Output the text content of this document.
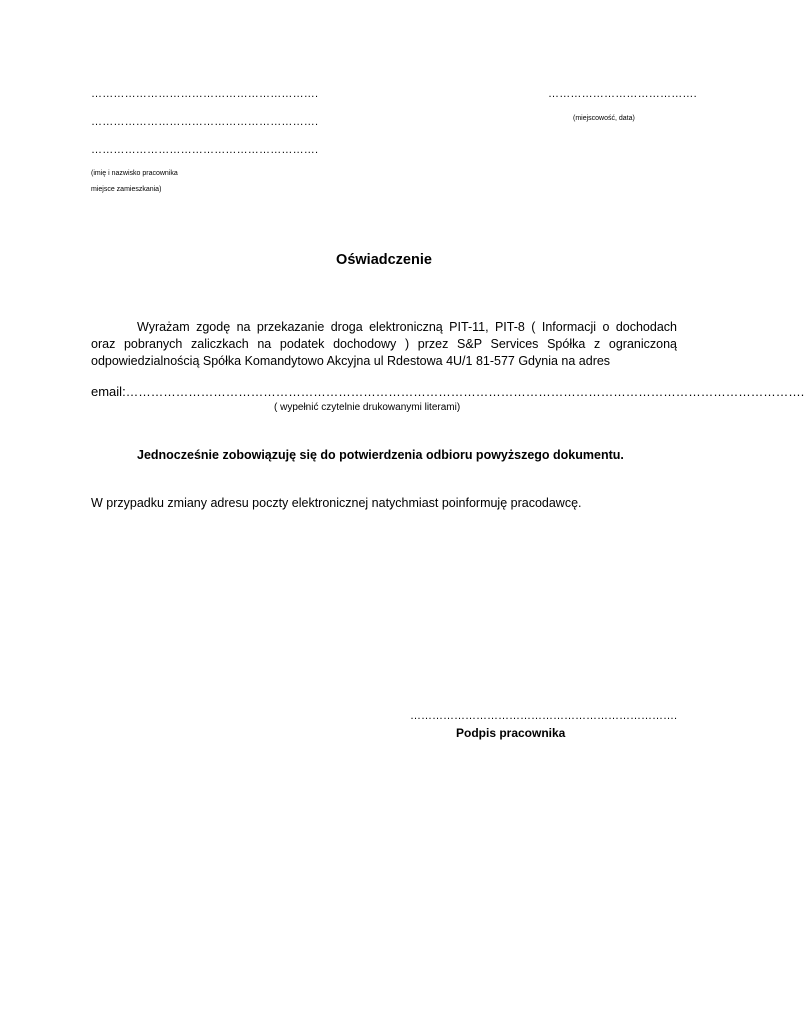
…………………………………………………….
…………………………………………………….
…………………………………………………….
(imię i nazwisko pracownika
miejsce zamieszkania)
………………………………….
(miejscowość, data)
Oświadczenie
Wyrażam zgodę na przekazanie droga elektroniczną PIT-11, PIT-8 ( Informacji o dochodach
oraz pobranych zaliczkach na podatek dochodowy ) przez S&P Services Spółka z ograniczoną
odpowiedzialnością Spółka Komandytowo Akcyjna ul Rdestowa 4U/1 81-577 Gdynia na adres
email:……………………………………………………………………………………………………………………………………………….
( wypełnić czytelnie drukowanymi literami)
Jednocześnie zobowiązuję się do potwierdzenia odbioru powyższego dokumentu.
W przypadku zmiany adresu poczty elektronicznej natychmiast poinformuję pracodawcę.
……………………………………………………………….
Podpis pracownika
